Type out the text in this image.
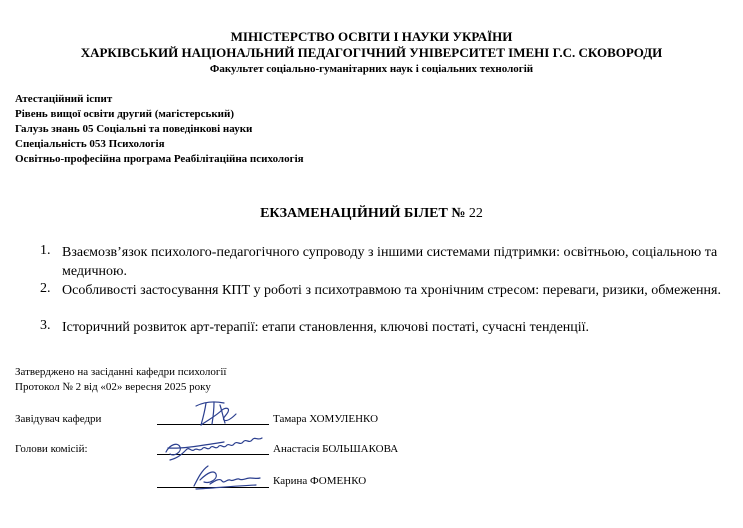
МІНІСТЕРСТВО ОСВІТИ І НАУКИ УКРАЇНИ
ХАРКІВСЬКИЙ НАЦІОНАЛЬНИЙ ПЕДАГОГІЧНИЙ УНІВЕРСИТЕТ ІМЕНІ Г.С. СКОВОРОДИ
Факультет соціально-гуманітарних наук і соціальних технологій
Атестаційний іспит
Рівень вищої освіти другий (магістерський)
Галузь знань 05 Соціальні та поведінкові науки
Спеціальність 053 Психологія
Освітньо-професійна програма Реабілітаційна психологія
ЕКЗАМЕНАЦІЙНИЙ БІЛЕТ № 22
1. Взаємозв’язок психолого-педагогічного супроводу з іншими системами підтримки: освітньою, соціальною та медичною.
2. Особливості застосування КПТ у роботі з психотравмою та хронічним стресом: переваги, ризики, обмеження.
3. Історичний розвиток арт-терапії: етапи становлення, ключові постаті, сучасні тенденції.
Затверджено на засіданні кафедри психології
Протокол № 2 від «02» вересня 2025 року
Завідувач кафедри
Голови комісій:
Тамара ХОМУЛЕНКО
Анастасія БОЛЬШАКОВА
Карина ФОМЕНКО
